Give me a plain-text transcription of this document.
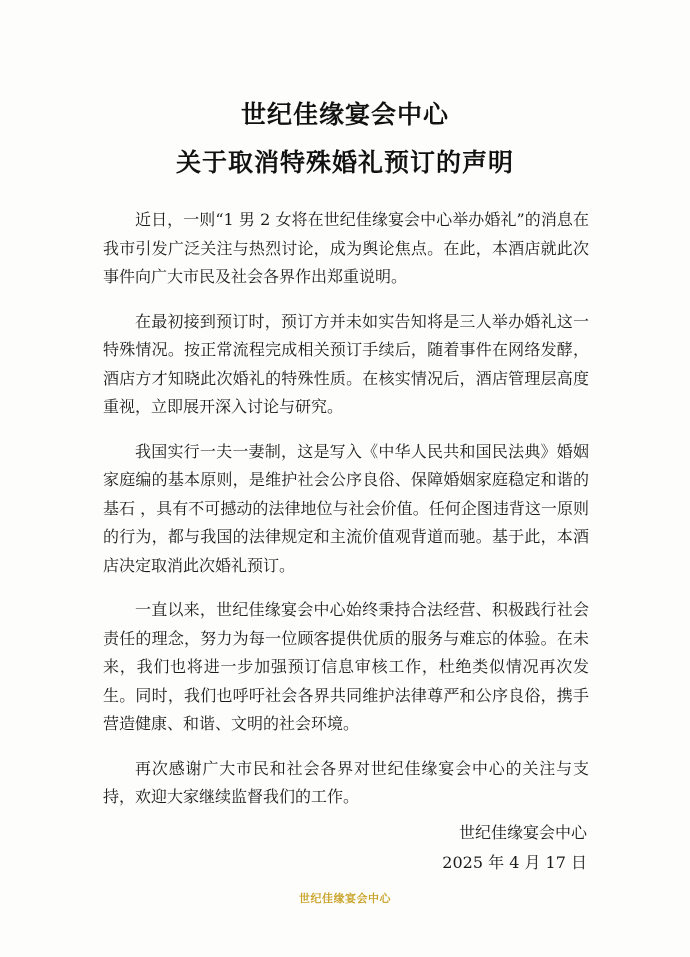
世纪佳缘宴会中心
关于取消特殊婚礼预订的声明

近日，一则“1 男 2 女将在世纪佳缘宴会中心举办婚礼”的消息在我市引发广泛关注与热烈讨论，成为舆论焦点。在此，本酒店就此次事件向广大市民及社会各界作出郑重说明。

在最初接到预订时，预订方并未如实告知将是三人举办婚礼这一特殊情况。按正常流程完成相关预订手续后，随着事件在网络发酵，酒店方才知晓此次婚礼的特殊性质。在核实情况后，酒店管理层高度重视，立即展开深入讨论与研究。

我国实行一夫一妻制，这是写入《中华人民共和国民法典》婚姻家庭编的基本原则，是维护社会公序良俗、保障婚姻家庭稳定和谐的基石 ，具有不可撼动的法律地位与社会价值。任何企图违背这一原则的行为，都与我国的法律规定和主流价值观背道而驰。基于此，本酒店决定取消此次婚礼预订。

一直以来，世纪佳缘宴会中心始终秉持合法经营、积极践行社会责任的理念，努力为每一位顾客提供优质的服务与难忘的体验。在未来，我们也将进一步加强预订信息审核工作，杜绝类似情况再次发生。同时，我们也呼吁社会各界共同维护法律尊严和公序良俗，携手营造健康、和谐、文明的社会环境。

再次感谢广大市民和社会各界对世纪佳缘宴会中心的关注与支持，欢迎大家继续监督我们的工作。

世纪佳缘宴会中心
2025 年 4 月 17 日
世纪佳缘宴会中心
